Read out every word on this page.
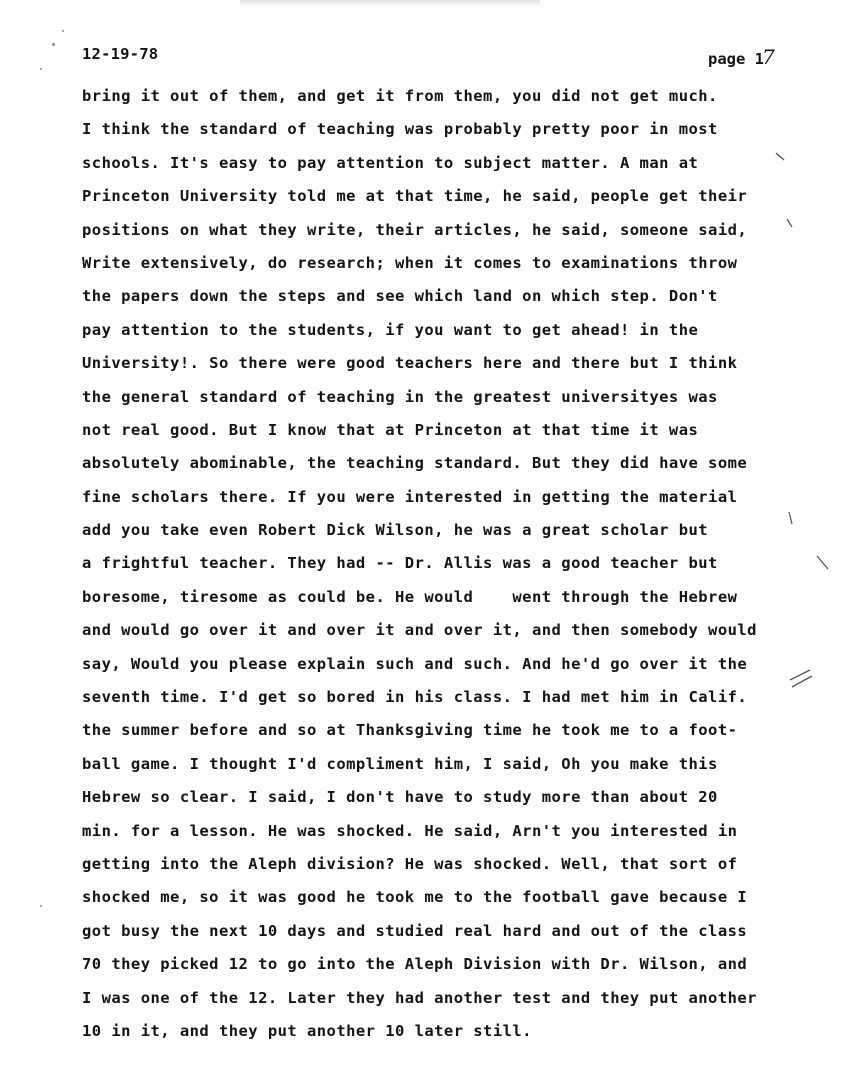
12-19-78	page 17
bring it out of them, and get it from them, you did not get much.
I think the standard of teaching was probably pretty poor in most
schools. It's easy to pay attention to subject matter. A man at
Princeton University told me at that time, he said, people get their
positions on what they write, their articles, he said, someone said,
Write extensively, do research; when it comes to examinations throw
the papers down the steps and see which land on which step. Don't
pay attention to the students, if you want to get ahead! in the
University!. So there were good teachers here and there but I think
the general standard of teaching in the greatest universityes was
not real good. But I know that at Princeton at that time it was
absolutely abominable, the teaching standard. But they did have some
fine scholars there. If you were interested in getting the material
add you take even Robert Dick Wilson, he was a great scholar but
a frightful teacher. They had -- Dr. Allis was a good teacher but
boresome, tiresome as could be. He would    went through the Hebrew
and would go over it and over it and over it, and then somebody would
say, Would you please explain such and such. And he'd go over it the
seventh time. I'd get so bored in his class. I had met him in Calif.
the summer before and so at Thanksgiving time he took me to a foot-
ball game. I thought I'd compliment him, I said, Oh you make this
Hebrew so clear. I said, I don't have to study more than about 20
min. for a lesson. He was shocked. He said, Arn't you interested in
getting into the Aleph division? He was shocked. Well, that sort of
shocked me, so it was good he took me to the football gave because I
got busy the next 10 days and studied real hard and out of the class
70 they picked 12 to go into the Aleph Division with Dr. Wilson, and
I was one of the 12. Later they had another test and they put another
10 in it, and they put another 10 later still.
